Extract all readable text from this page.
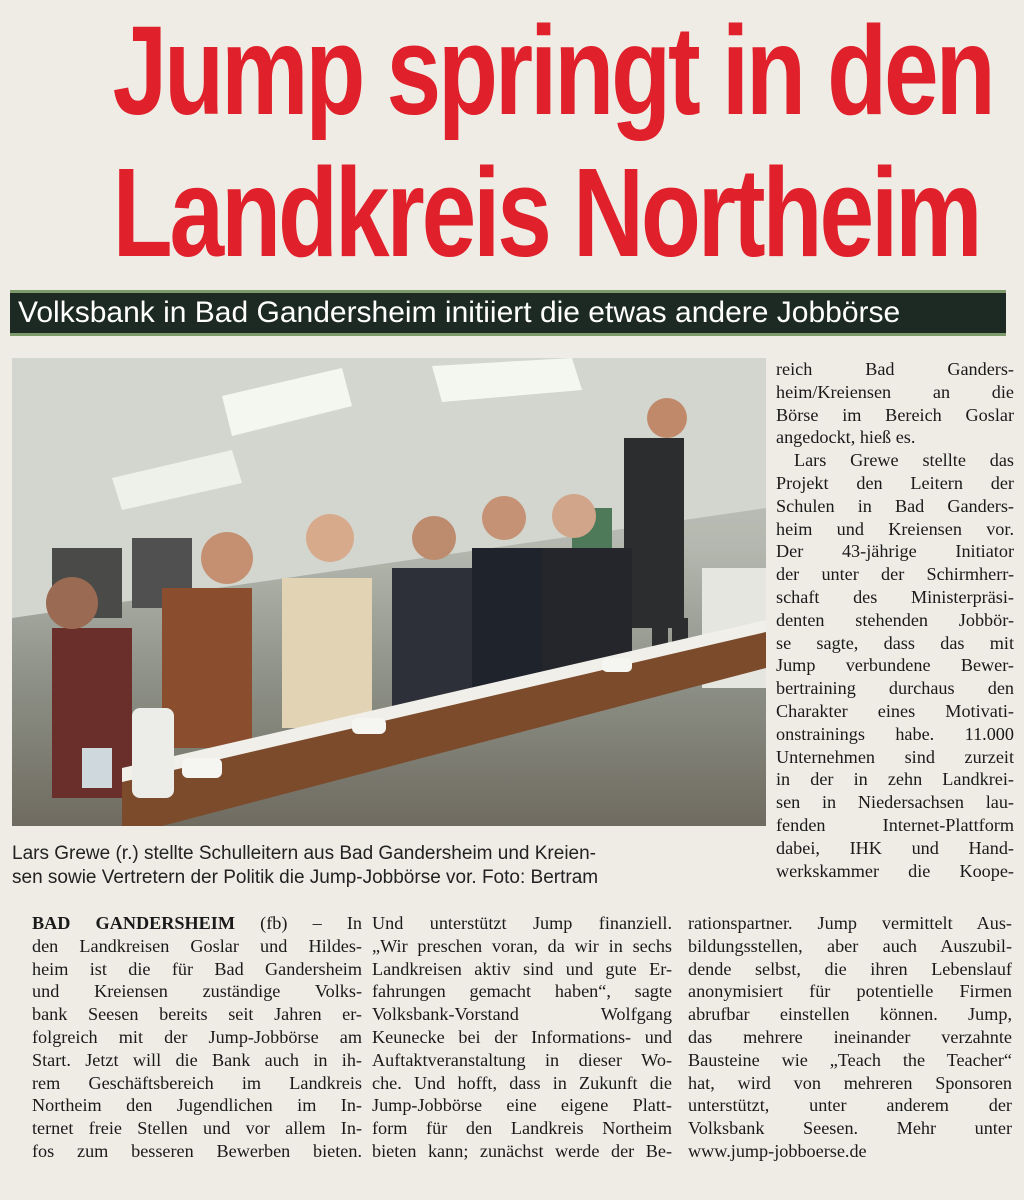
Jump springt in den
Landkreis Northeim
Volksbank in Bad Gandersheim initiiert die etwas andere Jobbörse

Lars Grewe (r.) stellte Schulleitern aus Bad Gandersheim und Kreien-

sen sowie Vertretern der Politik die Jump-Jobbörse vor. Foto: Bertram

reich Bad Ganders-

heim/Kreiensen an die

Börse im Bereich Goslar

angedockt, hieß es.

Lars Grewe stellte das

Projekt den Leitern der

Schulen in Bad Ganders-

heim und Kreiensen vor.

Der 43-jährige Initiator

der unter der Schirmherr-

schaft des Ministerpräsi-

denten stehenden Jobbör-

se sagte, dass das mit

Jump verbundene Bewer-

bertraining durchaus den

Charakter eines Motivati-

onstrainings habe. 11.000

Unternehmen sind zurzeit

in der in zehn Landkrei-

sen in Niedersachsen lau-

fenden Internet-Plattform

dabei, IHK und Hand-

werkskammer die Koope-

BAD GANDERSHEIM (fb) – In

den Landkreisen Goslar und Hildes-

heim ist die für Bad Gandersheim

und Kreiensen zuständige Volks-

bank Seesen bereits seit Jahren er-

folgreich mit der Jump-Jobbörse am

Start. Jetzt will die Bank auch in ih-

rem Geschäftsbereich im Landkreis

Northeim den Jugendlichen im In-

ternet freie Stellen und vor allem In-

fos zum besseren Bewerben bieten.

Und unterstützt Jump finanziell.

„Wir preschen voran, da wir in sechs

Landkreisen aktiv sind und gute Er-

fahrungen gemacht haben“, sagte

Volksbank-Vorstand Wolfgang

Keunecke bei der Informations- und

Auftaktveranstaltung in dieser Wo-

che. Und hofft, dass in Zukunft die

Jump-Jobbörse eine eigene Platt-

form für den Landkreis Northeim

bieten kann; zunächst werde der Be-

rationspartner. Jump vermittelt Aus-

bildungsstellen, aber auch Auszubil-

dende selbst, die ihren Lebenslauf

anonymisiert für potentielle Firmen

abrufbar einstellen können. Jump,

das mehrere ineinander verzahnte

Bausteine wie „Teach the Teacher“

hat, wird von mehreren Sponsoren

unterstützt, unter anderem der

Volksbank Seesen. Mehr unter

www.jump-jobboerse.de
